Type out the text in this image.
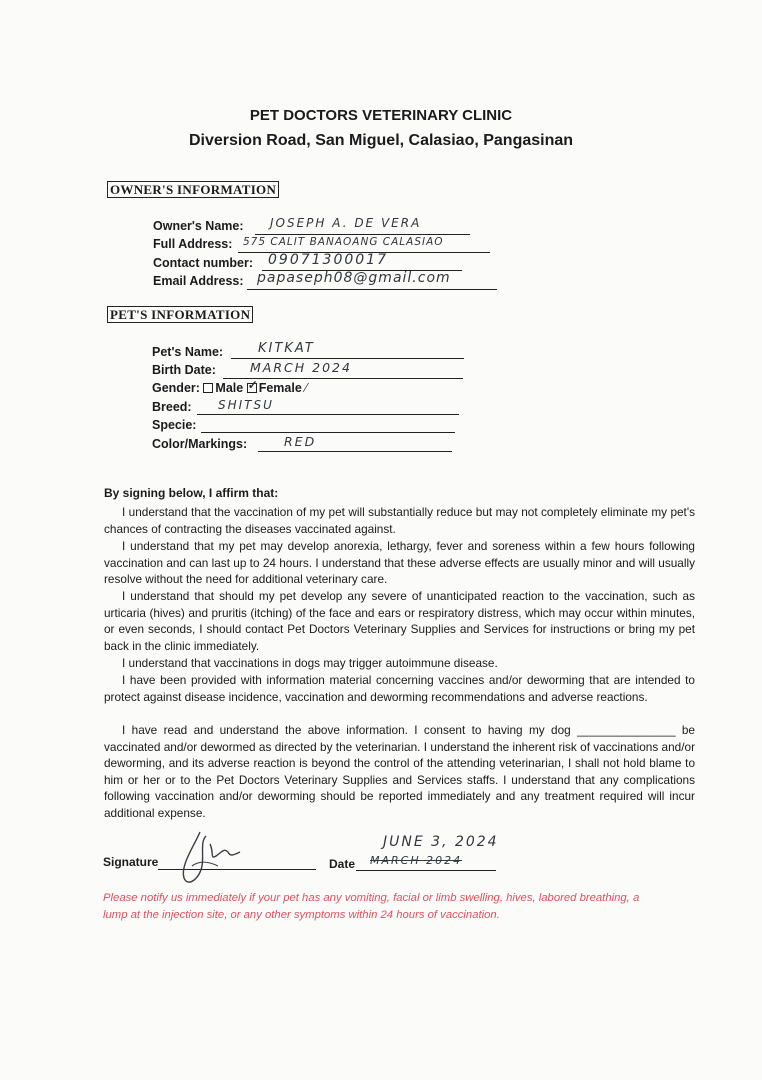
PET DOCTORS VETERINARY CLINIC
Diversion Road, San Miguel, Calasiao, Pangasinan
OWNER'S INFORMATION
Owner's Name: JOSEPH A. DE VERA
Full Address: 575 CALIT BANAOANG CALASIAO
Contact number: 09071300017
Email Address: papaseph08@gmail.com
PET'S INFORMATION
Pet's Name:	KITKAT
Birth Date:	MARCH 2024
Gender: Male ✓ Female ⁄
Breed: SHITSU
Specie:
Color/Markings:	RED
By signing below, I affirm that:

I understand that the vaccination of my pet will substantially reduce but may not completely eliminate my pet's chances of contracting the diseases vaccinated against.

I understand that my pet may develop anorexia, lethargy, fever and soreness within a few hours following vaccination and can last up to 24 hours. I understand that these adverse effects are usually minor and will usually resolve without the need for additional veterinary care.

I understand that should my pet develop any severe of unanticipated reaction to the vaccination, such as urticaria (hives) and pruritis (itching) of the face and ears or respiratory distress, which may occur within minutes, or even seconds, I should contact Pet Doctors Veterinary Supplies and Services for instructions or bring my pet back in the clinic immediately.

I understand that vaccinations in dogs may trigger autoimmune disease.

I have been provided with information material concerning vaccines and/or deworming that are intended to protect against disease incidence, vaccination and deworming recommendations and adverse reactions.

I have read and understand the above information. I consent to having my dog _______________ be vaccinated and/or dewormed as directed by the veterinarian. I understand the inherent risk of vaccinations and/or deworming, and its adverse reaction is beyond the control of the attending veterinarian, I shall not hold blame to him or her or to the Pet Doctors Veterinary Supplies and Services staffs. I understand that any complications following vaccination and/or deworming should be reported immediately and any treatment required will incur additional expense.

Signature	Date MARCH 2024
JUNE 3, 2024
Please notify us immediately if your pet has any vomiting, facial or limb swelling, hives, labored breathing, a lump at the injection site, or any other symptoms within 24 hours of vaccination.
